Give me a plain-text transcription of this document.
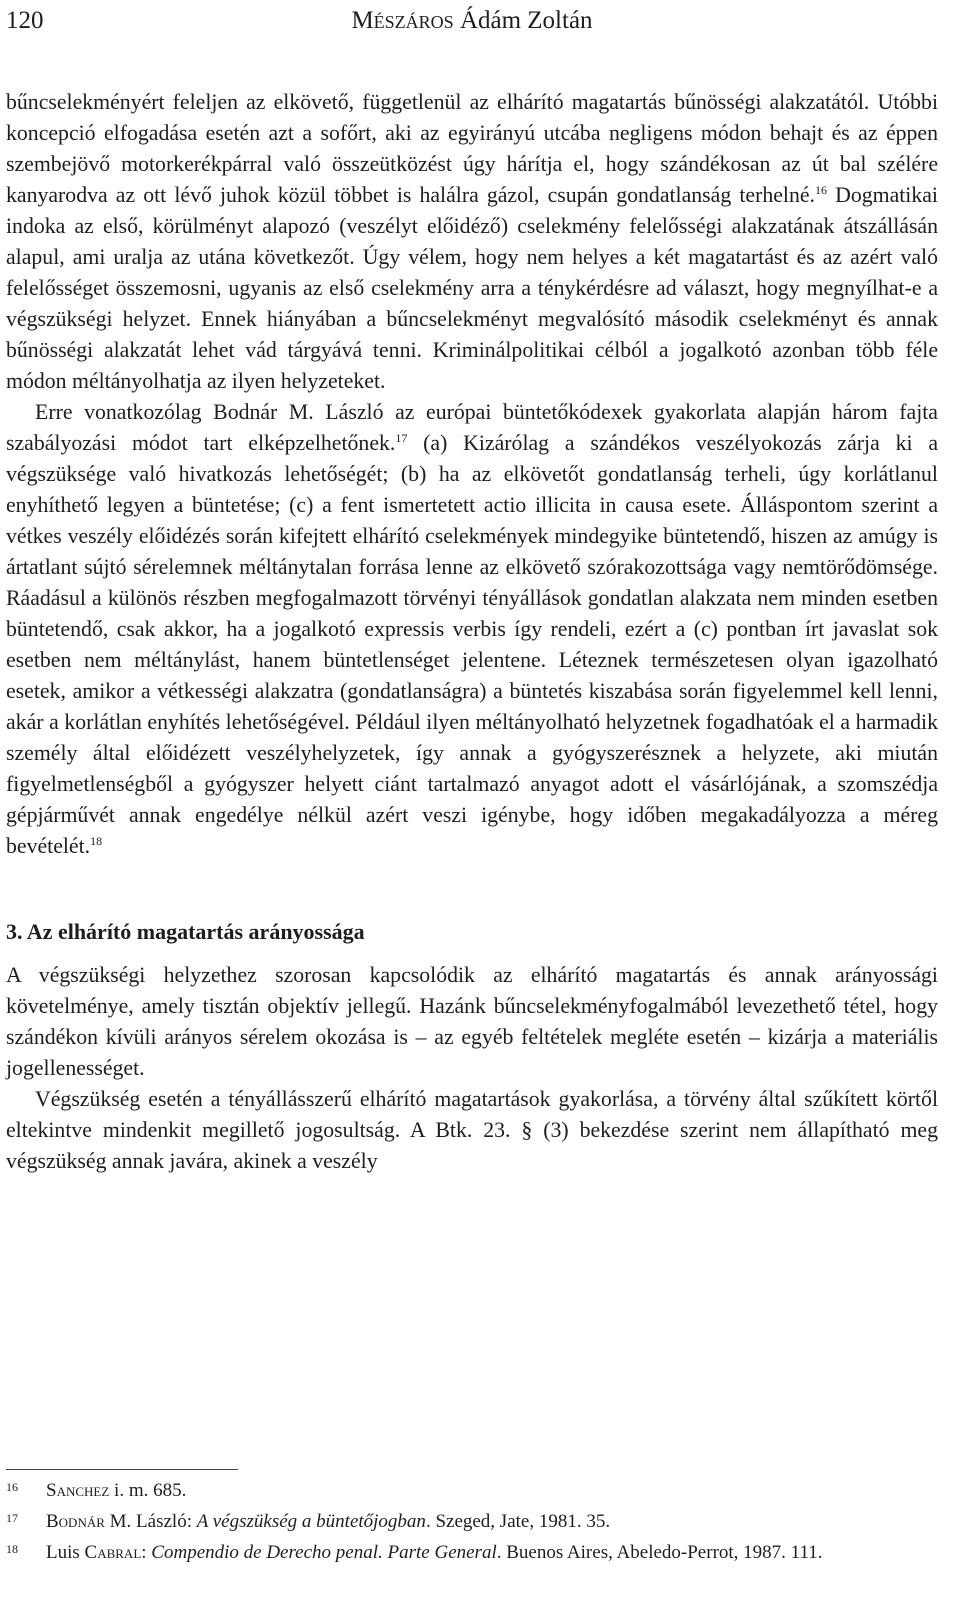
120	Mészáros Ádám Zoltán

bűncselekményért feleljen az elkövető, függetlenül az elhárító magatartás bűnösségi alakzatától. Utóbbi koncepció elfogadása esetén azt a sofőrt, aki az egyirányú utcába negligens módon behajt és az éppen szembejövő motorkerékpárral való összeütközést úgy hárítja el, hogy szándékosan az út bal szélére kanyarodva az ott lévő juhok közül többet is halálra gázol, csupán gondatlanság terhelné.$^{16}$ Dogmatikai indoka az első, körülményt alapozó (veszélyt előidéző) cselekmény felelősségi alakzatának átszállásán alapul, ami uralja az utána következőt. Úgy vélem, hogy nem helyes a két magatartást és az azért való felelősséget összemosni, ugyanis az első cselekmény arra a ténykérdésre ad választ, hogy megnyílhat-e a végszükségi helyzet. Ennek hiányában a bűncselekményt megvalósító második cselekményt és annak bűnösségi alakzatát lehet vád tárgyává tenni. Kriminálpolitikai célból a jogalkotó azonban több féle módon méltányolhatja az ilyen helyzeteket.

Erre vonatkozólag Bodnár M. László az európai büntetőkódexek gyakorlata alapján három fajta szabályozási módot tart elképzelhetőnek.$^{17}$ (a) Kizárólag a szándékos veszélyokozás zárja ki a végszüksége való hivatkozás lehetőségét; (b) ha az elkövetőt gondatlanság terheli, úgy korlátlanul enyhíthető legyen a büntetése; (c) a fent ismertetett actio illicita in causa esete. Álláspontom szerint a vétkes veszély előidézés során kifejtett elhárító cselekmények mindegyike büntetendő, hiszen az amúgy is ártatlant sújtó sérelemnek méltánytalan forrása lenne az elkövető szórakozottsága vagy nemtörődömsége. Ráadásul a különös részben megfogalmazott törvényi tényállások gondatlan alakzata nem minden esetben büntetendő, csak akkor, ha a jogalkotó expressis verbis így rendeli, ezért a (c) pontban írt javaslat sok esetben nem méltánylást, hanem büntetlenséget jelentene. Léteznek természetesen olyan igazolható esetek, amikor a vétkességi alakzatra (gondatlanságra) a büntetés kiszabása során figyelemmel kell lenni, akár a korlátlan enyhítés lehetőségével. Például ilyen méltányolható helyzetnek fogadhatóak el a harmadik személy által előidézett veszélyhelyzetek, így annak a gyógyszerésznek a helyzete, aki miután figyelmetlenségből a gyógyszer helyett ciánt tartalmazó anyagot adott el vásárlójának, a szomszédja gépjárművét annak engedélye nélkül azért veszi igénybe, hogy időben megakadályozza a méreg bevételét.$^{18}$

3. Az elhárító magatartás arányossága

A végszükségi helyzethez szorosan kapcsolódik az elhárító magatartás és annak arányossági követelménye, amely tisztán objektív jellegű. Hazánk bűncselekményfogalmából levezethető tétel, hogy szándékon kívüli arányos sérelem okozása is – az egyéb feltételek megléte esetén – kizárja a materiális jogellenességet.

Végszükség esetén a tényállásszerű elhárító magatartások gyakorlása, a törvény által szűkített körtől eltekintve mindenkit megillető jogosultság. A Btk. 23. § (3) bekezdése szerint nem állapítható meg végszükség annak javára, akinek a veszély

16 Sanchez i. m. 685.
17 Bodnár M. László: A végszükség a büntetőjogban. Szeged, Jate, 1981. 35.
18 Luis Cabral: Compendio de Derecho penal. Parte General. Buenos Aires, Abeledo-Perrot, 1987. 111.
